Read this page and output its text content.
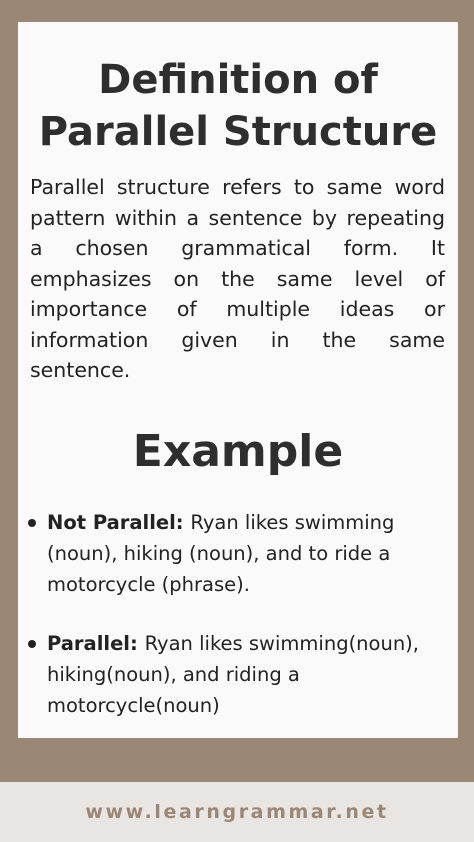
Definition of Parallel Structure
Parallel structure refers to same word pattern within a sentence by repeating a chosen grammatical form. It emphasizes on the same level of importance of multiple ideas or information given in the same sentence.
Example
Not Parallel: Ryan likes swimming (noun), hiking (noun), and to ride a motorcycle (phrase).
Parallel: Ryan likes swimming(noun), hiking(noun), and riding a motorcycle(noun)
www.learngrammar.net
